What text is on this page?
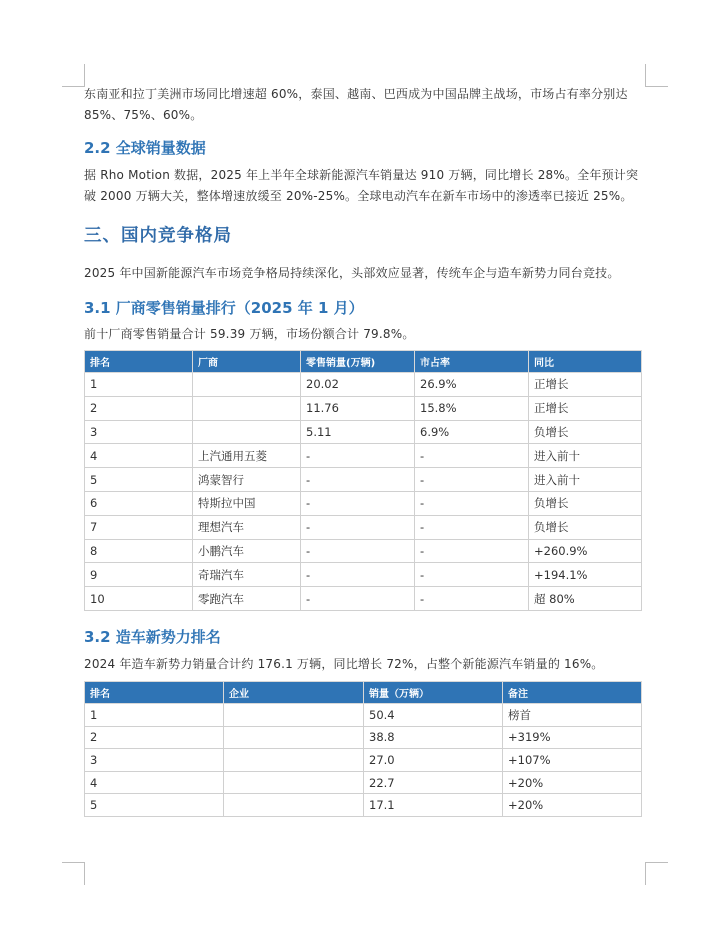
东南亚和拉丁美洲市场同比增速超 60%，泰国、越南、巴西成为中国品牌主战场，市场占有率分别达 85%、75%、60%。

2.2 全球销量数据

据 Rho Motion 数据，2025 年上半年全球新能源汽车销量达 910 万辆，同比增长 28%。全年预计突破 2000 万辆大关，整体增速放缓至 20%-25%。全球电动汽车在新车市场中的渗透率已接近 25%。

三、国内竞争格局

2025 年中国新能源汽车市场竞争格局持续深化，头部效应显著，传统车企与造车新势力同台竞技。

3.1 厂商零售销量排行（2025 年 1 月）

前十厂商零售销量合计 59.39 万辆，市场份额合计 79.8%。

排名	厂商	零售销量(万辆)	市占率	同比
1		20.02	26.9%	正增长
2		11.76	15.8%	正增长
3		5.11	6.9%	负增长
4	上汽通用五菱	-	-	进入前十
5	鸿蒙智行	-	-	进入前十
6	特斯拉中国	-	-	负增长
7	理想汽车	-	-	负增长
8	小鹏汽车	-	-	+260.9%
9	奇瑞汽车	-	-	+194.1%
10	零跑汽车	-	-	超 80%
3.2 造车新势力排名

2024 年造车新势力销量合计约 176.1 万辆，同比增长 72%，占整个新能源汽车销量的 16%。

排名	企业	销量（万辆）	备注
1		50.4	榜首
2		38.8	+319%
3		27.0	+107%
4		22.7	+20%
5		17.1	+20%
